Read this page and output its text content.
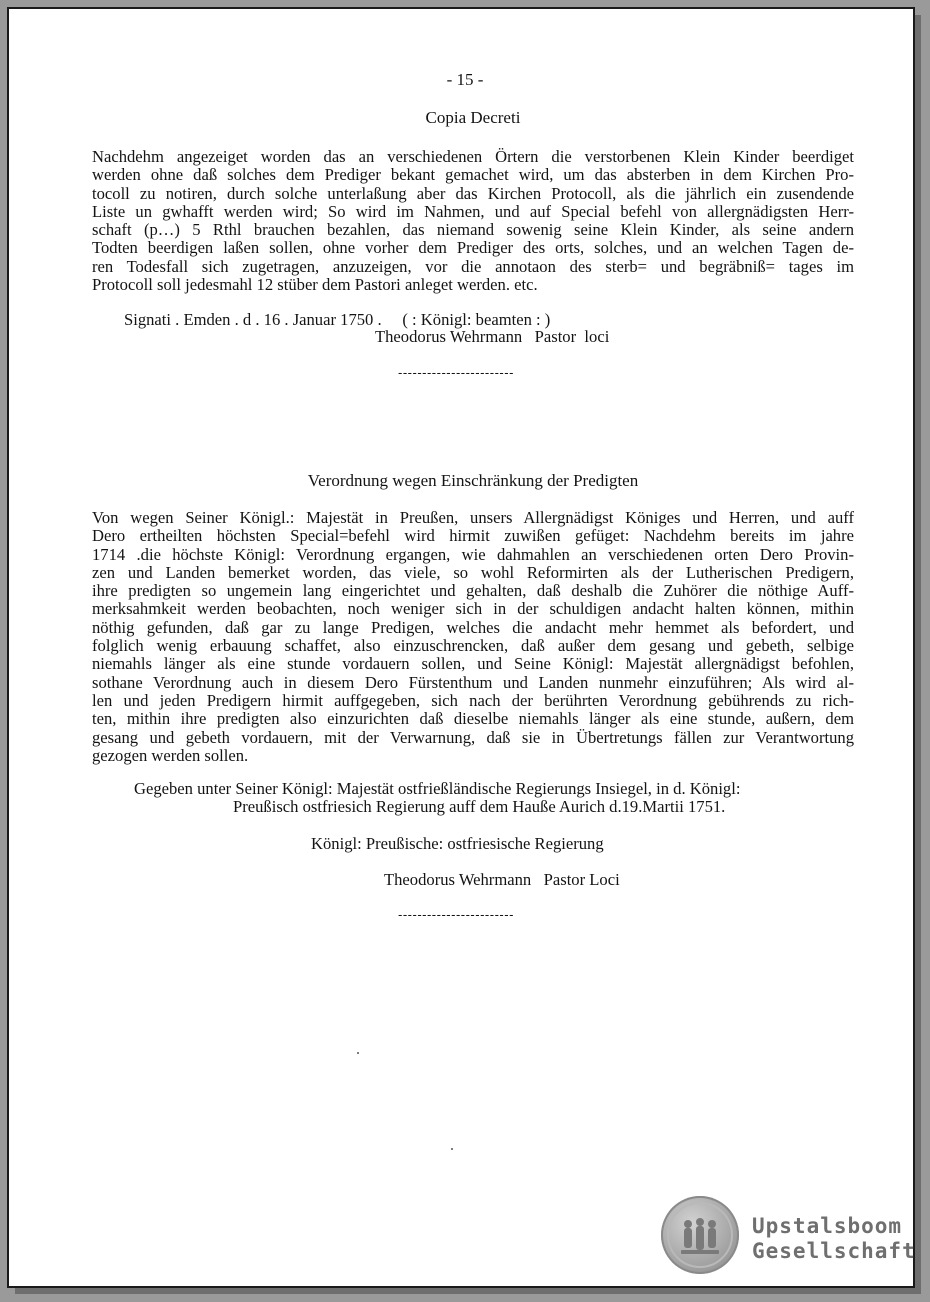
- 15 -
Copia Decreti
Nachdehm angezeiget worden das an verschiedenen Örtern die verstorbenen Klein Kinder beerdiget
werden ohne daß solches dem Prediger bekant gemachet wird, um das absterben in dem Kirchen Pro-
tocoll zu notiren, durch solche unterlaßung aber das Kirchen Protocoll, als die jährlich ein zusendende
Liste un gwhafft werden wird; So wird im Nahmen, und auf Special befehl von allergnädigsten Herr-
schaft (p…) 5 Rthl brauchen bezahlen, das niemand sowenig seine Klein Kinder, als seine andern
Todten beerdigen laßen sollen, ohne vorher dem Prediger des orts, solches, und an welchen Tagen de-
ren Todesfall sich zugetragen, anzuzeigen, vor die annotaon des sterb= und begräbniß= tages im
Protocoll soll jedesmahl 12 stüber dem Pastori anleget werden. etc.
Signati . Emden . d . 16 . Januar 1750 .     ( : Königl: beamten : )
Theodorus Wehrmann   Pastor  loci
------------------------
Verordnung wegen Einschränkung der Predigten
Von wegen Seiner Königl.: Majestät in Preußen, unsers Allergnädigst Königes und Herren, und auff
Dero ertheilten höchsten Special=befehl wird hirmit zuwißen gefüget: Nachdehm bereits im jahre
1714 .die höchste Königl: Verordnung ergangen, wie dahmahlen an verschiedenen orten Dero Provin-
zen und Landen bemerket worden, das viele, so wohl Reformirten als der Lutherischen Predigern,
ihre predigten so ungemein lang eingerichtet und gehalten, daß deshalb die Zuhörer die nöthige Auff-
merksahmkeit werden beobachten, noch weniger sich in der schuldigen andacht halten können, mithin
nöthig gefunden, daß gar zu lange Predigen, welches die andacht mehr hemmet als befordert, und
folglich wenig erbauung schaffet, also einzuschrencken, daß außer dem gesang und gebeth, selbige
niemahls länger als eine stunde vordauern sollen, und Seine Königl: Majestät allergnädigst befohlen,
sothane Verordnung auch in diesem Dero Fürstenthum und Landen nunmehr einzuführen; Als wird al-
len und jeden Predigern hirmit auffgegeben, sich nach der berührten Verordnung gebührends zu rich-
ten, mithin ihre predigten also einzurichten daß dieselbe niemahls länger als eine stunde, außern, dem
gesang und gebeth vordauern, mit der Verwarnung, daß sie in Übertretungs fällen zur Verantwortung
gezogen werden sollen.
Gegeben unter Seiner Königl: Majestät ostfrießländische Regierungs Insiegel, in d. Königl:
Preußisch ostfriesich Regierung auff dem Hauße Aurich d.19.Martii 1751.
Königl: Preußische: ostfriesische Regierung
Theodorus Wehrmann   Pastor Loci
------------------------
Upstalsboom
Gesellschaft
